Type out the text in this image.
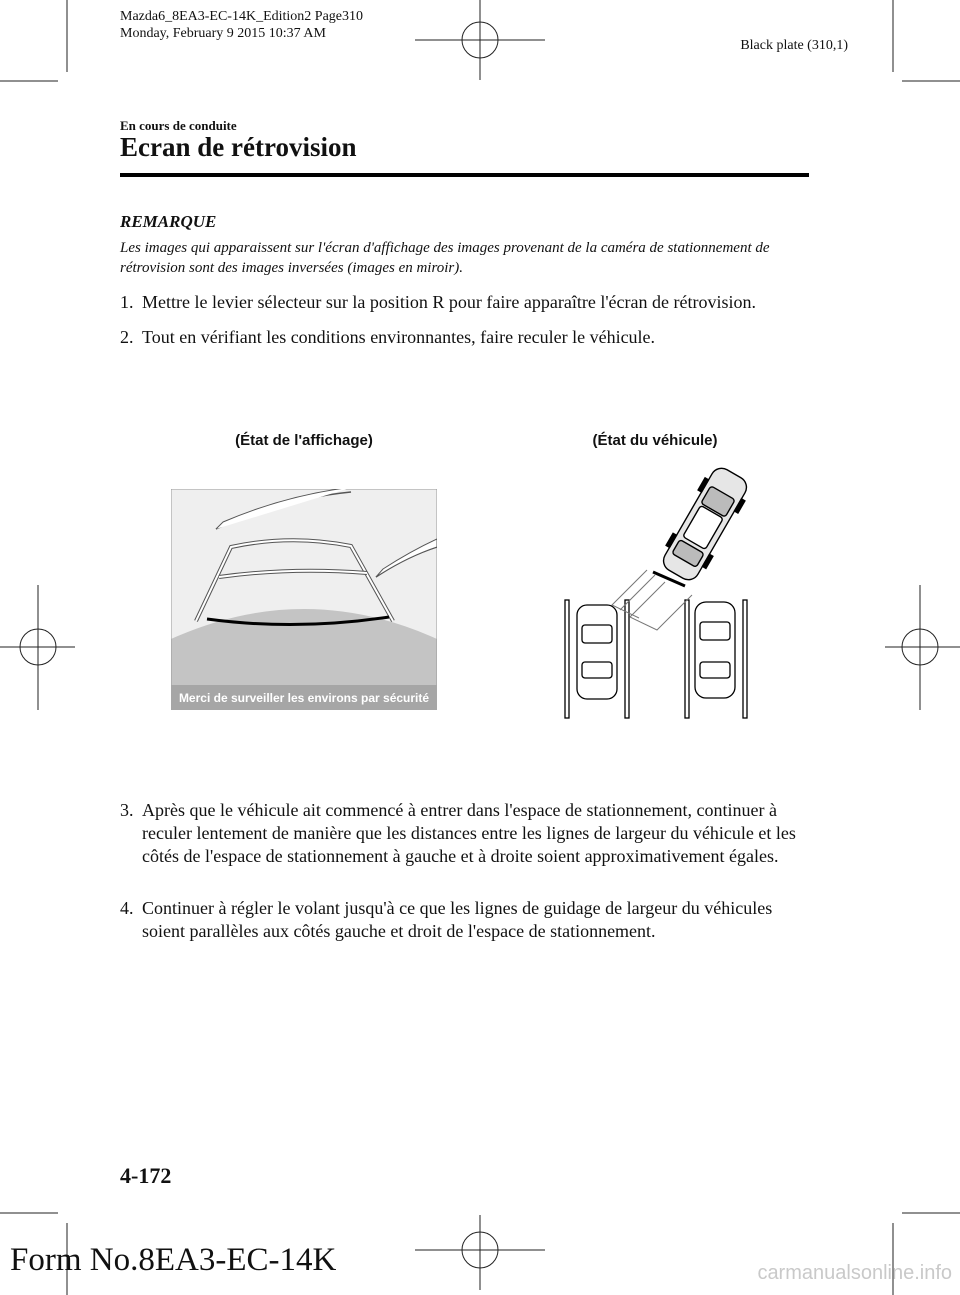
Mazda6_8EA3-EC-14K_Edition2 Page310
Monday, February 9 2015 10:37 AM
Black plate (310,1)
En cours de conduite
Ecran de rétrovision
REMARQUE
Les images qui apparaissent sur l'écran d'affichage des images provenant de la caméra de stationnement de rétrovision sont des images inversées (images en miroir).
1. Mettre le levier sélecteur sur la position R pour faire apparaître l'écran de rétrovision.
2. Tout en vérifiant les conditions environnantes, faire reculer le véhicule.
(État de l'affichage)	(État du véhicule)
Merci de surveiller les environs par sécurité
3. Après que le véhicule ait commencé à entrer dans l'espace de stationnement, continuer à reculer lentement de manière que les distances entre les lignes de largeur du véhicule et les côtés de l'espace de stationnement à gauche et à droite soient approximativement égales.
4. Continuer à régler le volant jusqu'à ce que les lignes de guidage de largeur du véhicules soient parallèles aux côtés gauche et droit de l'espace de stationnement.
4-172
Form No.8EA3-EC-14K	carmanualsonline.info
